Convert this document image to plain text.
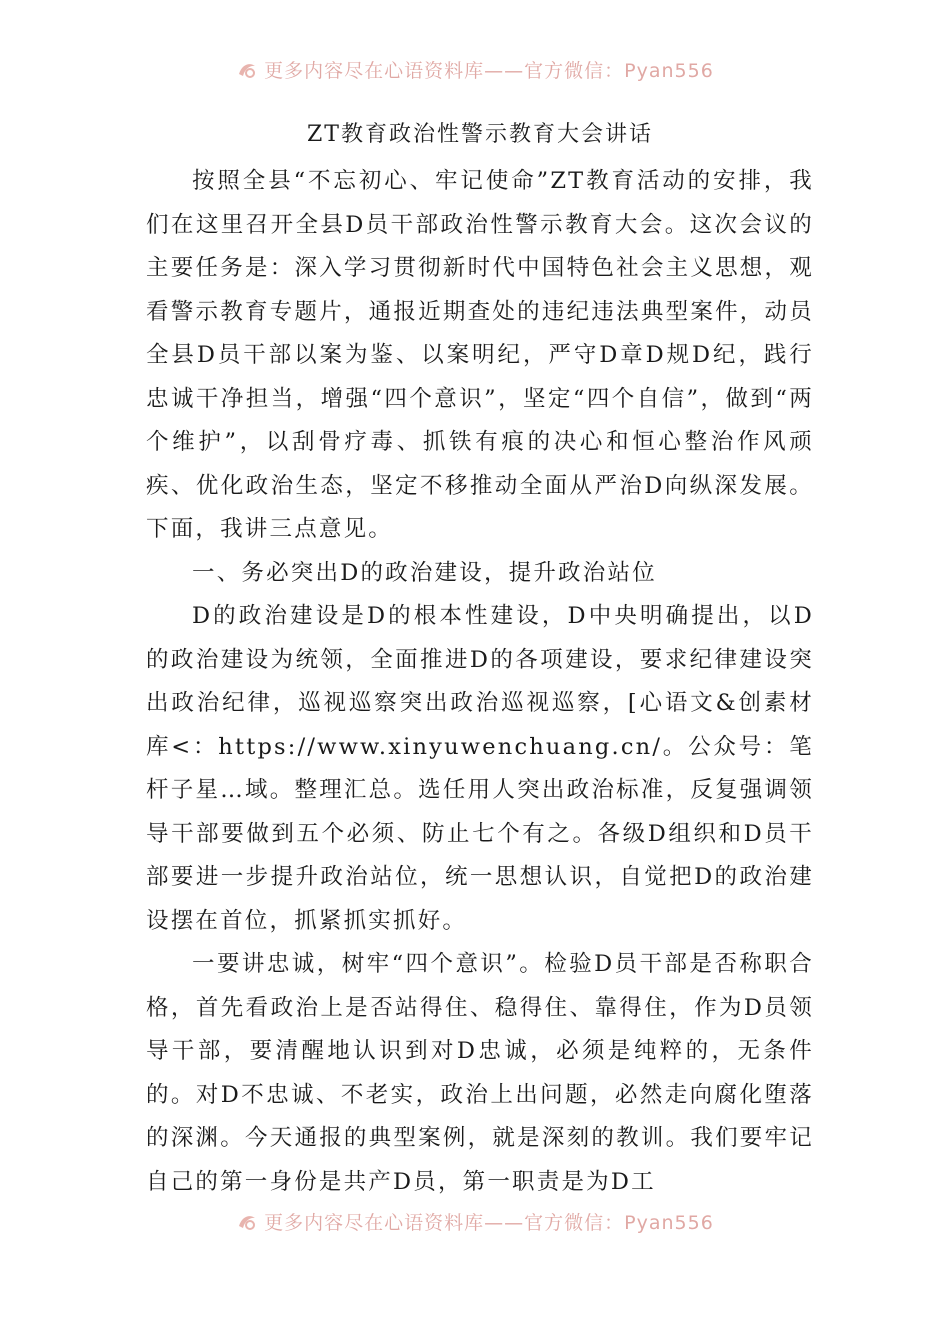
更多内容尽在心语资料库——官方微信：Pyan556
ZT教育政治性警示教育大会讲话

按照全县“不忘初心、牢记使命”ZT教育活动的安排，我们在这里召开全县D员干部政治性警示教育大会。这次会议的主要任务是：深入学习贯彻新时代中国特色社会主义思想，观看警示教育专题片，通报近期查处的违纪违法典型案件，动员全县D员干部以案为鉴、以案明纪，严守D章D规D纪，践行忠诚干净担当，增强“四个意识”，坚定“四个自信”，做到“两个维护”，以刮骨疗毒、抓铁有痕的决心和恒心整治作风顽疾、优化政治生态，坚定不移推动全面从严治D向纵深发展。下面，我讲三点意见。

一、务必突出D的政治建设，提升政治站位

D的政治建设是D的根本性建设，D中央明确提出，以D的政治建设为统领，全面推进D的各项建设，要求纪律建设突出政治纪律，巡视巡察突出政治巡视巡察，[心语文&创素材库<：https://www.xinyuwenchuang.cn/。公众号：笔杆子星…域。整理汇总。选任用人突出政治标准，反复强调领导干部要做到五个必须、防止七个有之。各级D组织和D员干部要进一步提升政治站位，统一思想认识，自觉把D的政治建设摆在首位，抓紧抓实抓好。

一要讲忠诚，树牢“四个意识”。检验D员干部是否称职合格，首先看政治上是否站得住、稳得住、靠得住，作为D员领导干部，要清醒地认识到对D忠诚，必须是纯粹的，无条件的。对D不忠诚、不老实，政治上出问题，必然走向腐化堕落的深渊。今天通报的典型案例，就是深刻的教训。我们要牢记自己的第一身份是共产D员，第一职责是为D工

更多内容尽在心语资料库——官方微信：Pyan556
